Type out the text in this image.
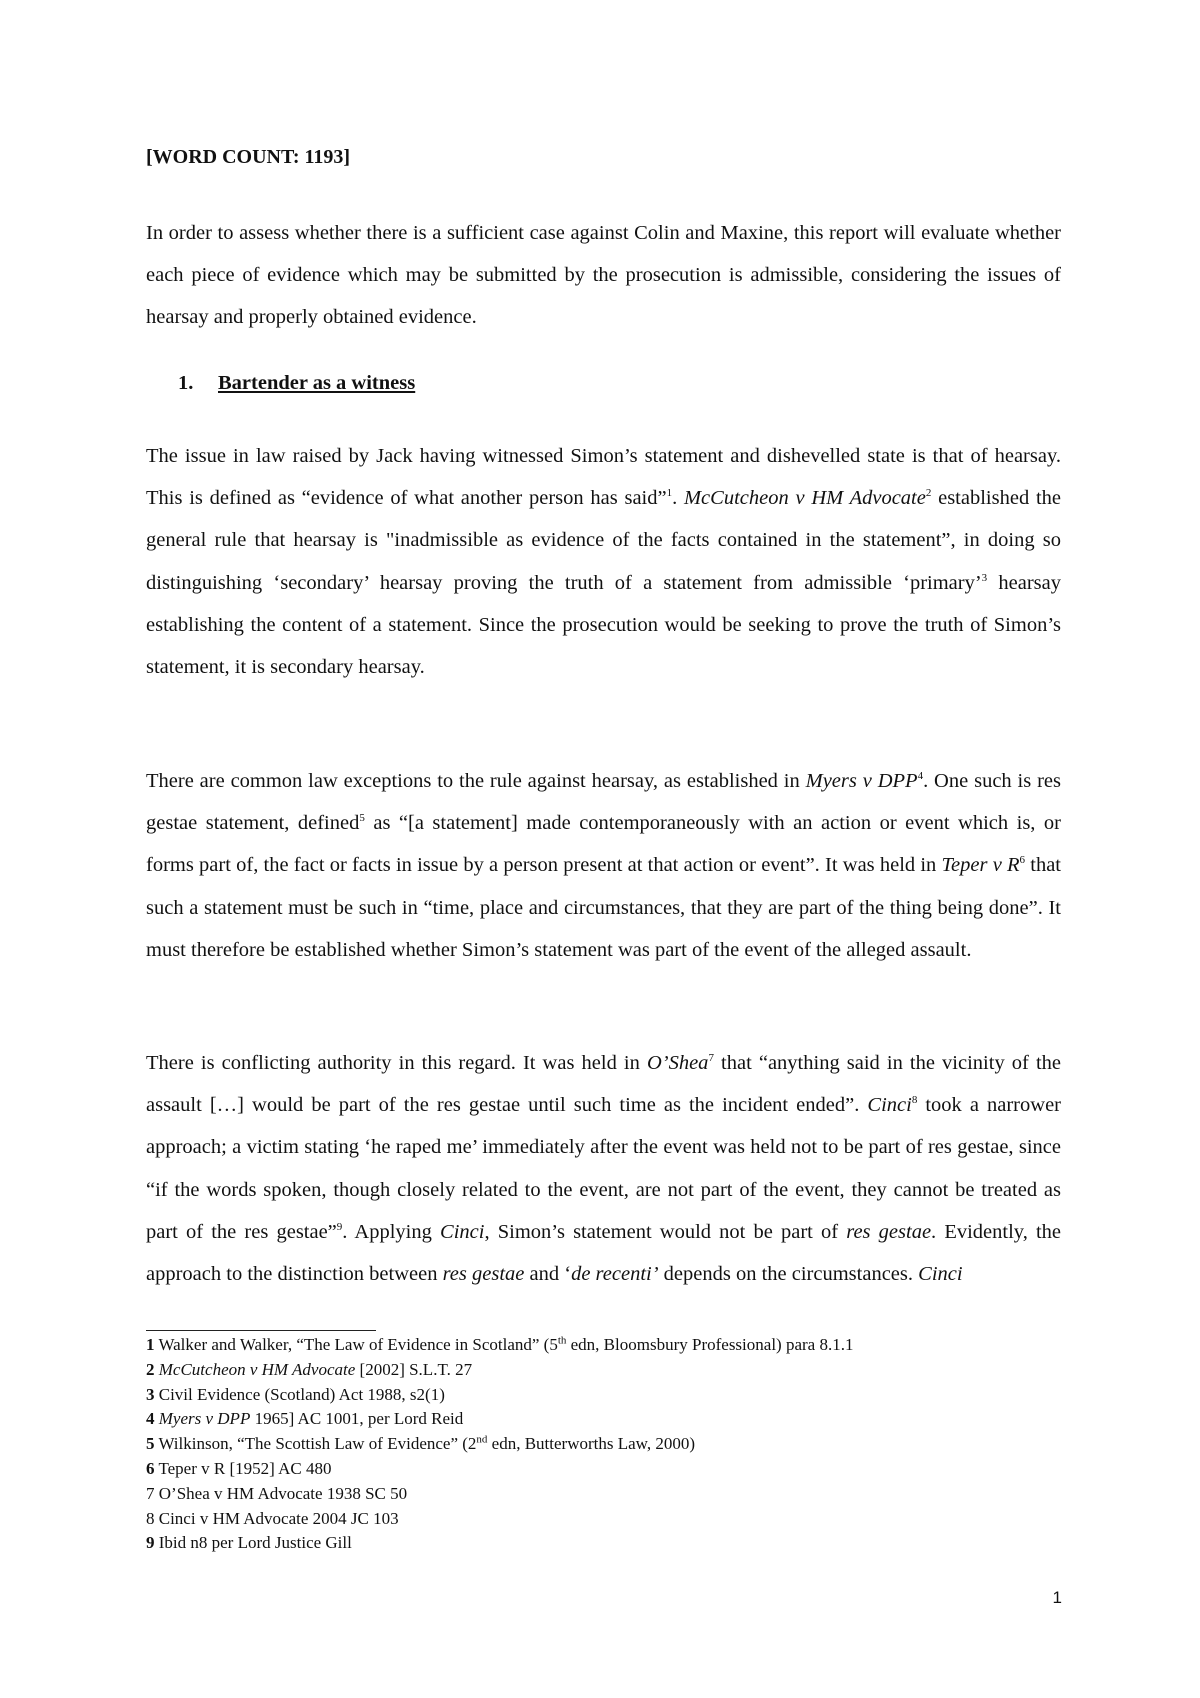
[WORD COUNT: 1193]

In order to assess whether there is a sufficient case against Colin and Maxine, this report will evaluate whether each piece of evidence which may be submitted by the prosecution is admissible, considering the issues of hearsay and properly obtained evidence.

1. Bartender as a witness

The issue in law raised by Jack having witnessed Simon’s statement and dishevelled state is that of hearsay. This is defined as “evidence of what another person has said”$^1$. McCutcheon v HM Advocate$^2$ established the general rule that hearsay is "inadmissible as evidence of the facts contained in the statement”, in doing so distinguishing ‘secondary’ hearsay proving the truth of a statement from admissible ‘primary’$^3$ hearsay establishing the content of a statement. Since the prosecution would be seeking to prove the truth of Simon’s statement, it is secondary hearsay.

There are common law exceptions to the rule against hearsay, as established in Myers v DPP$^4$. One such is res gestae statement, defined$^5$ as “[a statement] made contemporaneously with an action or event which is, or forms part of, the fact or facts in issue by a person present at that action or event”. It was held in Teper v $R^6$ that such a statement must be such in “time, place and circumstances, that they are part of the thing being done”. It must therefore be established whether Simon’s statement was part of the event of the alleged assault.

There is conflicting authority in this regard. It was held in O’Shea$^7$ that “anything said in the vicinity of the assault […] would be part of the res gestae until such time as the incident ended”. Cinci$^8$ took a narrower approach; a victim stating ‘he raped me’ immediately after the event was held not to be part of res gestae, since “if the words spoken, though closely related to the event, are not part of the event, they cannot be treated as part of the res gestae”$^9$. Applying Cinci, Simon’s statement would not be part of res gestae. Evidently, the approach to the distinction between res gestae and ‘de recenti’ depends on the circumstances. Cinci

1 Walker and Walker, “The Law of Evidence in Scotland” (5th edn, Bloomsbury Professional) para 8.1.1
2 McCutcheon v HM Advocate [2002] S.L.T. 27
3 Civil Evidence (Scotland) Act 1988, s2(1)
4 Myers v DPP 1965] AC 1001, per Lord Reid
5 Wilkinson, “The Scottish Law of Evidence” (2nd edn, Butterworths Law, 2000)
6 Teper v R [1952] AC 480
7 O’Shea v HM Advocate 1938 SC 50
8 Cinci v HM Advocate 2004 JC 103
9 Ibid n8 per Lord Justice Gill
1
